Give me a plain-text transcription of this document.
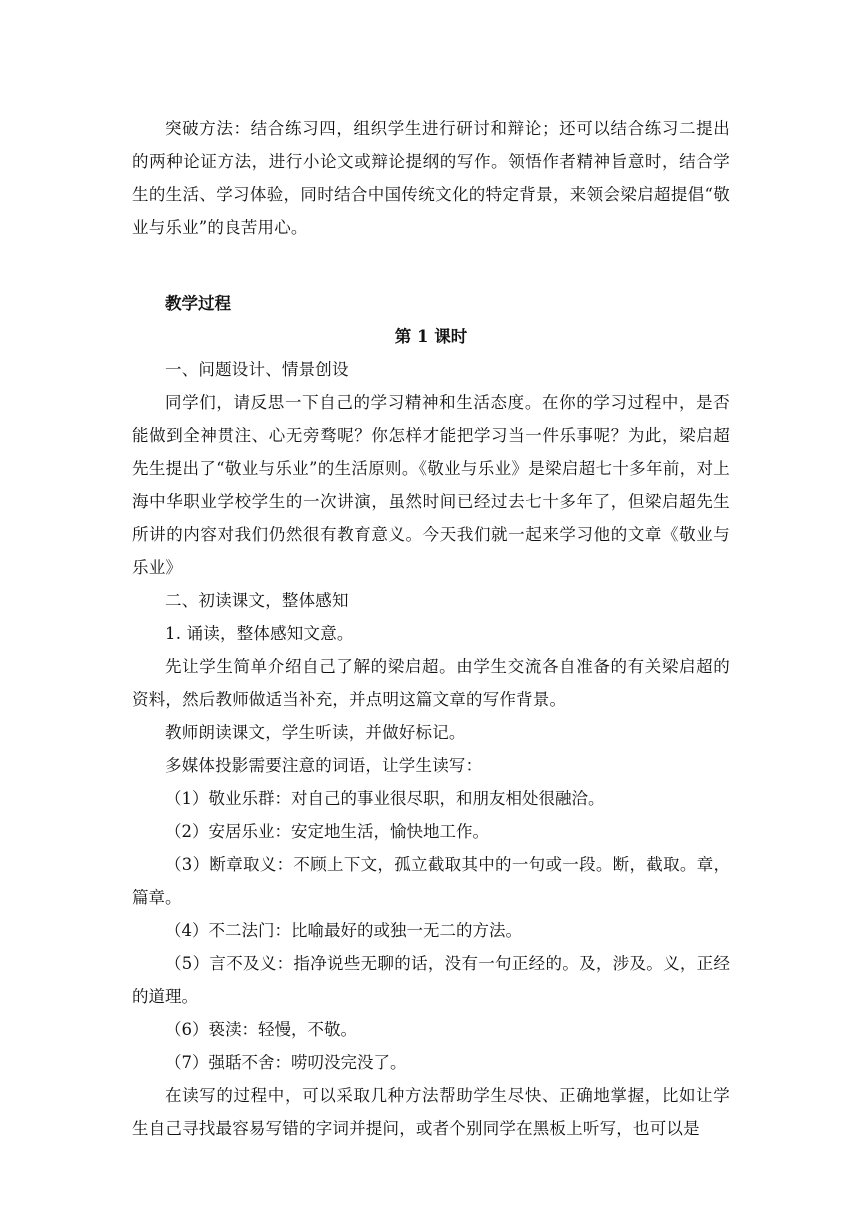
突破方法：结合练习四，组织学生进行研讨和辩论；还可以结合练习二提出的两种论证方法，进行小论文或辩论提纲的写作。领悟作者精神旨意时，结合学生的生活、学习体验，同时结合中国传统文化的特定背景，来领会梁启超提倡“敬业与乐业”的良苦用心。

教学过程

第 1 课时

一、问题设计、情景创设

同学们，请反思一下自己的学习精神和生活态度。在你的学习过程中，是否能做到全神贯注、心无旁骛呢？你怎样才能把学习当一件乐事呢？为此，梁启超先生提出了“敬业与乐业”的生活原则。《敬业与乐业》是梁启超七十多年前，对上海中华职业学校学生的一次讲演，虽然时间已经过去七十多年了，但梁启超先生所讲的内容对我们仍然很有教育意义。今天我们就一起来学习他的文章《敬业与乐业》

二、初读课文，整体感知

1. 诵读，整体感知文意。

先让学生简单介绍自己了解的梁启超。由学生交流各自准备的有关梁启超的资料，然后教师做适当补充，并点明这篇文章的写作背景。

教师朗读课文，学生听读，并做好标记。

多媒体投影需要注意的词语，让学生读写：

（1）敬业乐群：对自己的事业很尽职，和朋友相处很融洽。

（2）安居乐业：安定地生活，愉快地工作。

（3）断章取义：不顾上下文，孤立截取其中的一句或一段。断，截取。章，篇章。

（4）不二法门：比喻最好的或独一无二的方法。

（5）言不及义：指净说些无聊的话，没有一句正经的。及，涉及。义，正经的道理。

（6）亵渎：轻慢，不敬。

（7）强聒不舍：唠叨没完没了。

在读写的过程中，可以采取几种方法帮助学生尽快、正确地掌握，比如让学生自己寻找最容易写错的字词并提问，或者个别同学在黑板上听写，也可以是
